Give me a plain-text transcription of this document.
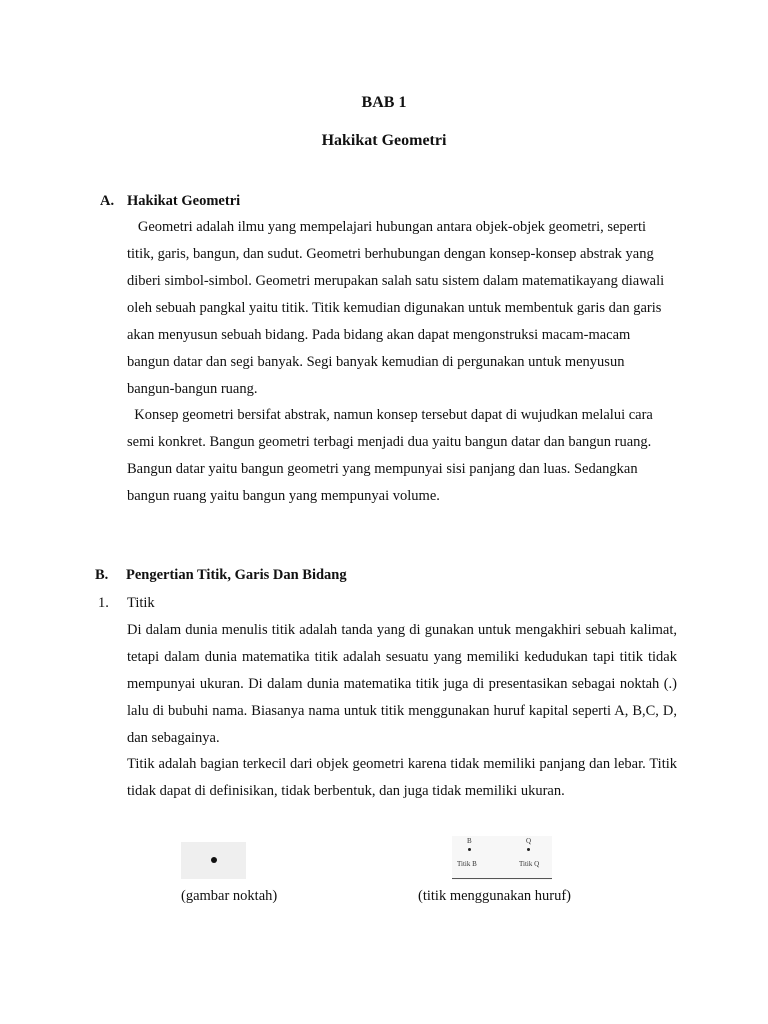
BAB 1
Hakikat Geometri
A. Hakikat Geometri

Geometri adalah ilmu yang mempelajari hubungan antara objek-objek geometri, seperti titik, garis, bangun, dan sudut. Geometri berhubungan dengan konsep-konsep abstrak yang diberi simbol-simbol. Geometri merupakan salah satu sistem dalam matematikayang diawali oleh sebuah pangkal yaitu titik. Titik kemudian digunakan untuk membentuk garis dan garis akan menyusun sebuah bidang. Pada bidang akan dapat mengonstruksi macam-macam bangun datar dan segi banyak. Segi banyak kemudian di pergunakan untuk menyusun bangun-bangun ruang.

Konsep geometri bersifat abstrak, namun konsep tersebut dapat di wujudkan melalui cara semi konkret. Bangun geometri terbagi menjadi dua yaitu bangun datar dan bangun ruang. Bangun datar yaitu bangun geometri yang mempunyai sisi panjang dan luas. Sedangkan bangun ruang yaitu bangun yang mempunyai volume.

B. Pengertian Titik, Garis Dan Bidang
1. Titik

Di dalam dunia menulis titik adalah tanda yang di gunakan untuk mengakhiri sebuah kalimat, tetapi dalam dunia matematika titik adalah sesuatu yang memiliki kedudukan tapi titik tidak mempunyai ukuran. Di dalam dunia matematika titik juga di presentasikan sebagai noktah (.) lalu di bubuhi nama. Biasanya nama untuk titik menggunakan huruf kapital seperti A, B,C, D, dan sebagainya.

Titik adalah bagian terkecil dari objek geometri karena tidak memiliki panjang dan lebar. Titik tidak dapat di definisikan, tidak berbentuk, dan juga tidak memiliki ukuran.

B
Titik B
Q
Titik Q
(gambar noktah)	(titik menggunakan huruf)
